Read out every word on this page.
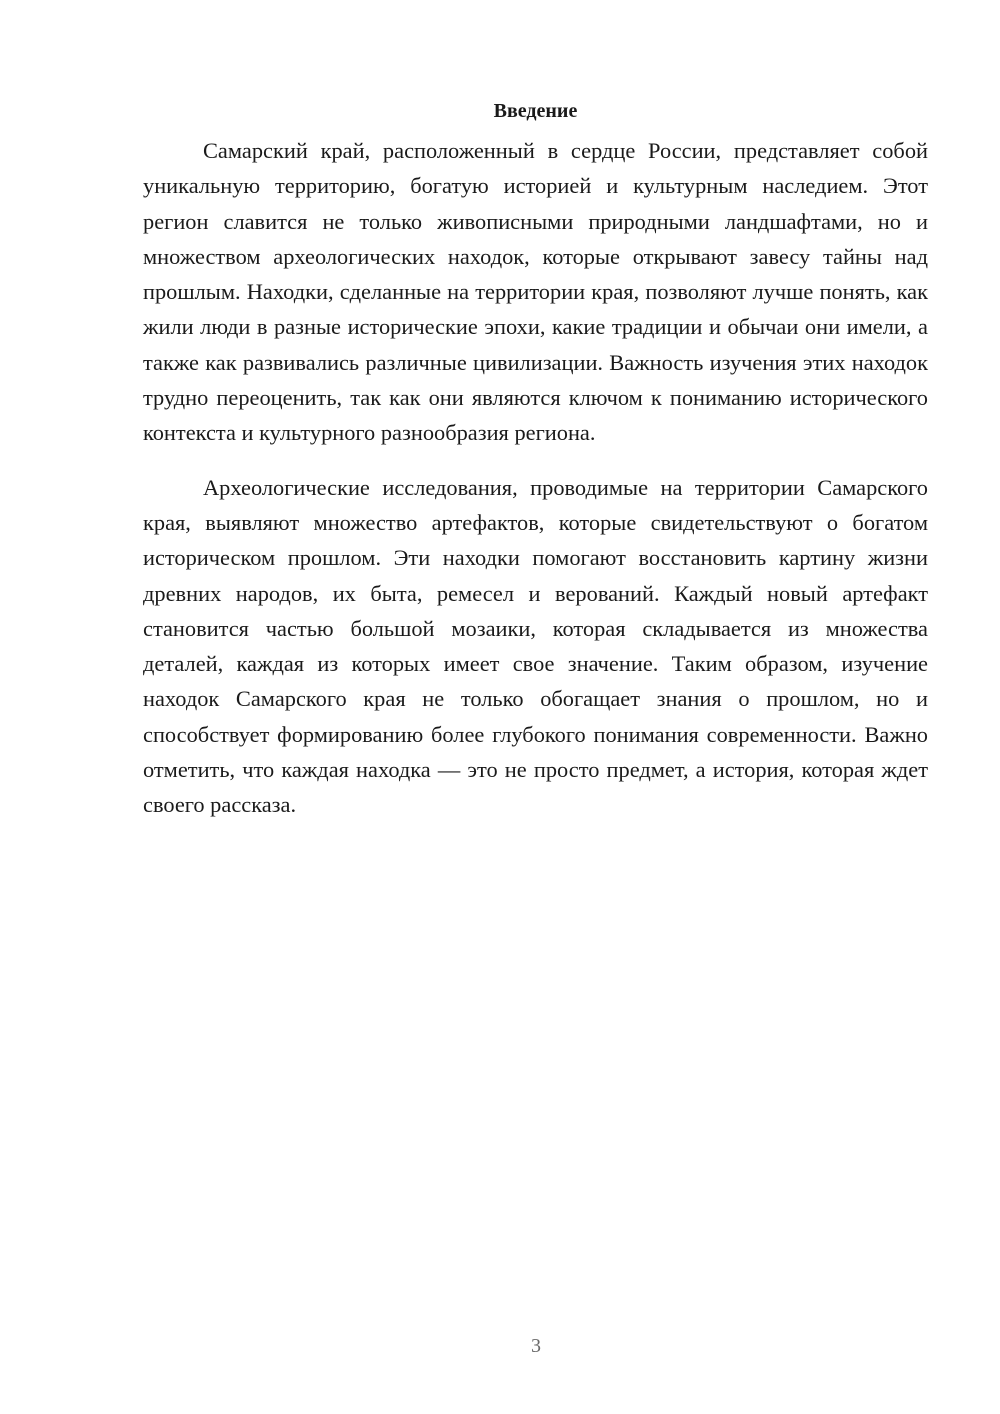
Введение

Самарский край, расположенный в сердце России, представляет собой уникальную территорию, богатую историей и культурным наследием. Этот регион славится не только живописными природными ландшафтами, но и множеством археологических находок, которые открывают завесу тайны над прошлым. Находки, сделанные на территории края, позволяют лучше понять, как жили люди в разные исторические эпохи, какие традиции и обычаи они имели, а также как развивались различные цивилизации. Важность изучения этих находок трудно переоценить, так как они являются ключом к пониманию исторического контекста и культурного разнообразия региона.

Археологические исследования, проводимые на территории Самарского края, выявляют множество артефактов, которые свидетельствуют о богатом историческом прошлом. Эти находки помогают восстановить картину жизни древних народов, их быта, ремесел и верований. Каждый новый артефакт становится частью большой мозаики, которая складывается из множества деталей, каждая из которых имеет свое значение. Таким образом, изучение находок Самарского края не только обогащает знания о прошлом, но и способствует формированию более глубокого понимания современности. Важно отметить, что каждая находка — это не просто предмет, а история, которая ждет своего рассказа.

3
